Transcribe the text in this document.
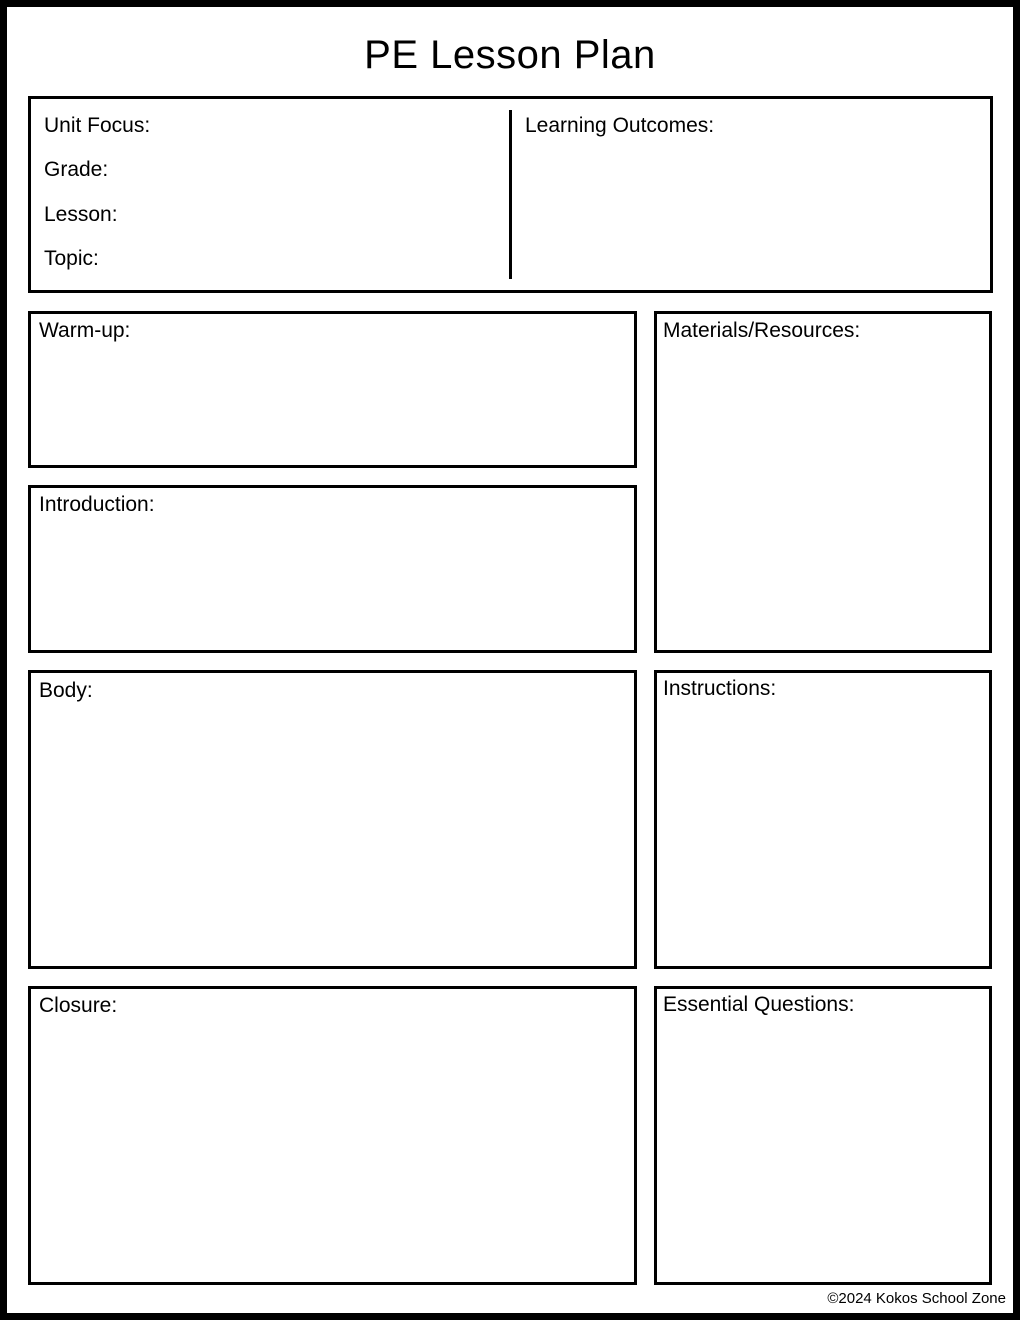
PE Lesson Plan
Unit Focus:
Grade:
Lesson:
Topic:
Learning Outcomes:
Warm-up:
Introduction:
Body:
Closure:
Materials/Resources:
Instructions:
Essential Questions:
©2024 Kokos School Zone
